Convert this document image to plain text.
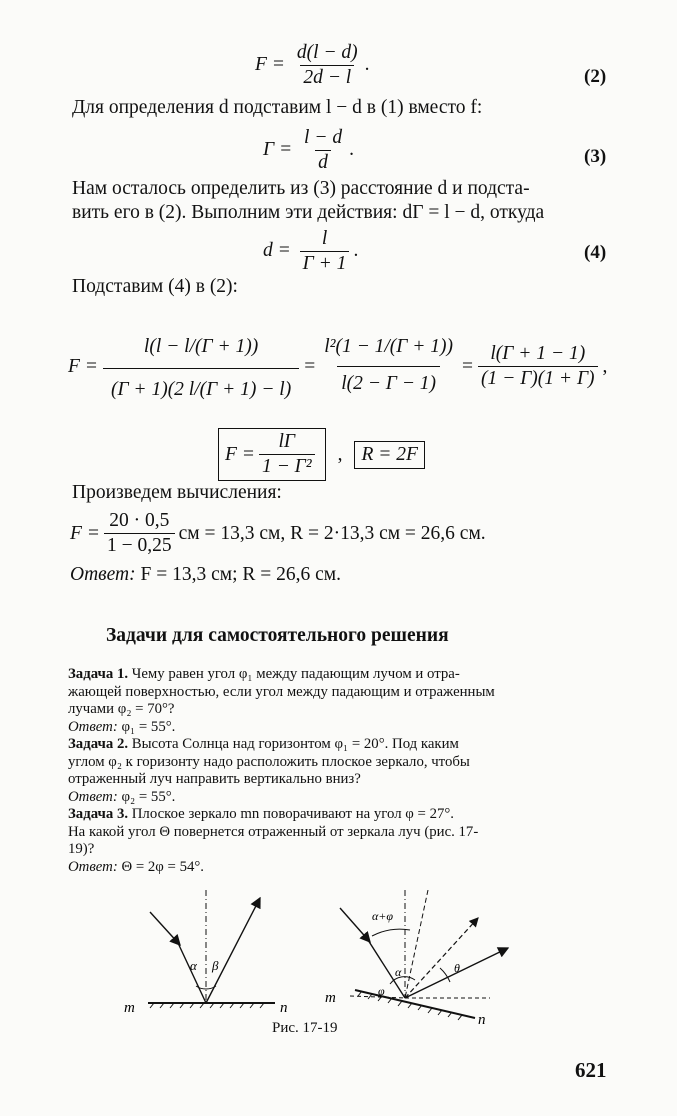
$F = \frac{d(l - d)}{2d - l}$ .
(2)
Для определения d подставим l − d в (1) вместо f:
$\Gamma = \frac{l - d}{d}$ .	(3)
Нам осталось определить из (3) расстояние d и подста-
вить его в (2). Выполним эти действия: dΓ = l − d, откуда
$d = \frac{l}{\Gamma + 1}$ .	(4)
Подставим (4) в (2):
$F = \frac{l(l - l/(\Gamma + 1))}{(\Gamma + 1)(2 l/(\Gamma + 1) - l)} = \frac{\text{l²(1 − 1/(Γ + 1))}}{l(2 - \Gamma - 1)} = \frac{l(\Gamma + 1 - 1)}{(1 - \Gamma)(1 + \Gamma)}$ ,
$F = \frac{l\Gamma}{\text{1 − Γ²}}$ , R = 2F
Произведем вычисления:
$F = \frac{20 \cdot 0,5}{1 - 0,25}$ см = 13,3 см, R = 2·13,3 см = 26,6 см.
Ответ: F = 13,3 см; R = 26,6 см.
Задачи для самостоятельного решения
Задача 1. Чему равен угол φ₁ между падающим лучом и отра-
жающей поверхностью, если угол между падающим и отраженным
лучами φ₂ = 70°?
Ответ: φ₁ = 55°.
Задача 2. Высота Солнца над горизонтом φ₁ = 20°. Под каким
углом φ₂ к горизонту надо расположить плоское зеркало, чтобы
отраженный луч направить вертикально вниз?
Ответ: φ₂ = 55°.
Задача 3. Плоское зеркало mn поворачивают на угол φ = 27°.
На какой угол Θ повернется отраженный от зеркала луч (рис. 17-
19)?
Ответ: Θ = 2φ = 54°.
α β
m	n
α+φ
α
φ
θ
m
n
Рис. 17-19
621
